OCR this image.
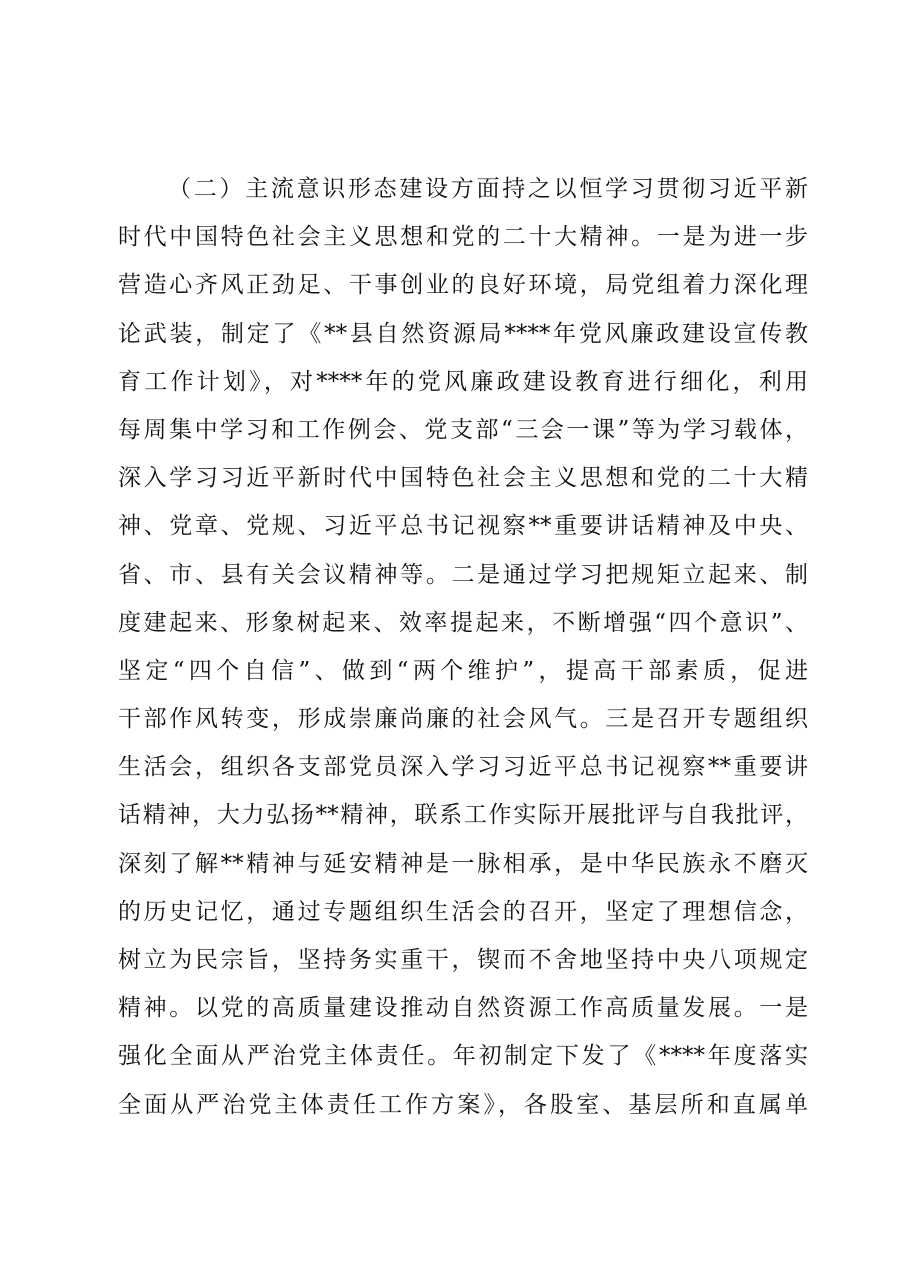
（二）主流意识形态建设方面持之以恒学习贯彻习近平新
时代中国特色社会主义思想和党的二十大精神。一是为进一步
营造心齐风正劲足、干事创业的良好环境，局党组着力深化理
论武装，制定了《**县自然资源局****年党风廉政建设宣传教
育工作计划》，对****年的党风廉政建设教育进行细化，利用
每周集中学习和工作例会、党支部“三会一课”等为学习载体，
深入学习习近平新时代中国特色社会主义思想和党的二十大精
神、党章、党规、习近平总书记视察**重要讲话精神及中央、
省、市、县有关会议精神等。二是通过学习把规矩立起来、制
度建起来、形象树起来、效率提起来，不断增强“四个意识”、
坚定“四个自信”、做到“两个维护”，提高干部素质，促进
干部作风转变，形成崇廉尚廉的社会风气。三是召开专题组织
生活会，组织各支部党员深入学习习近平总书记视察**重要讲
话精神，大力弘扬**精神，联系工作实际开展批评与自我批评，
深刻了解**精神与延安精神是一脉相承，是中华民族永不磨灭
的历史记忆，通过专题组织生活会的召开，坚定了理想信念，
树立为民宗旨，坚持务实重干，锲而不舍地坚持中央八项规定
精神。以党的高质量建设推动自然资源工作高质量发展。一是
强化全面从严治党主体责任。年初制定下发了《****年度落实
全面从严治党主体责任工作方案》，各股室、基层所和直属单
